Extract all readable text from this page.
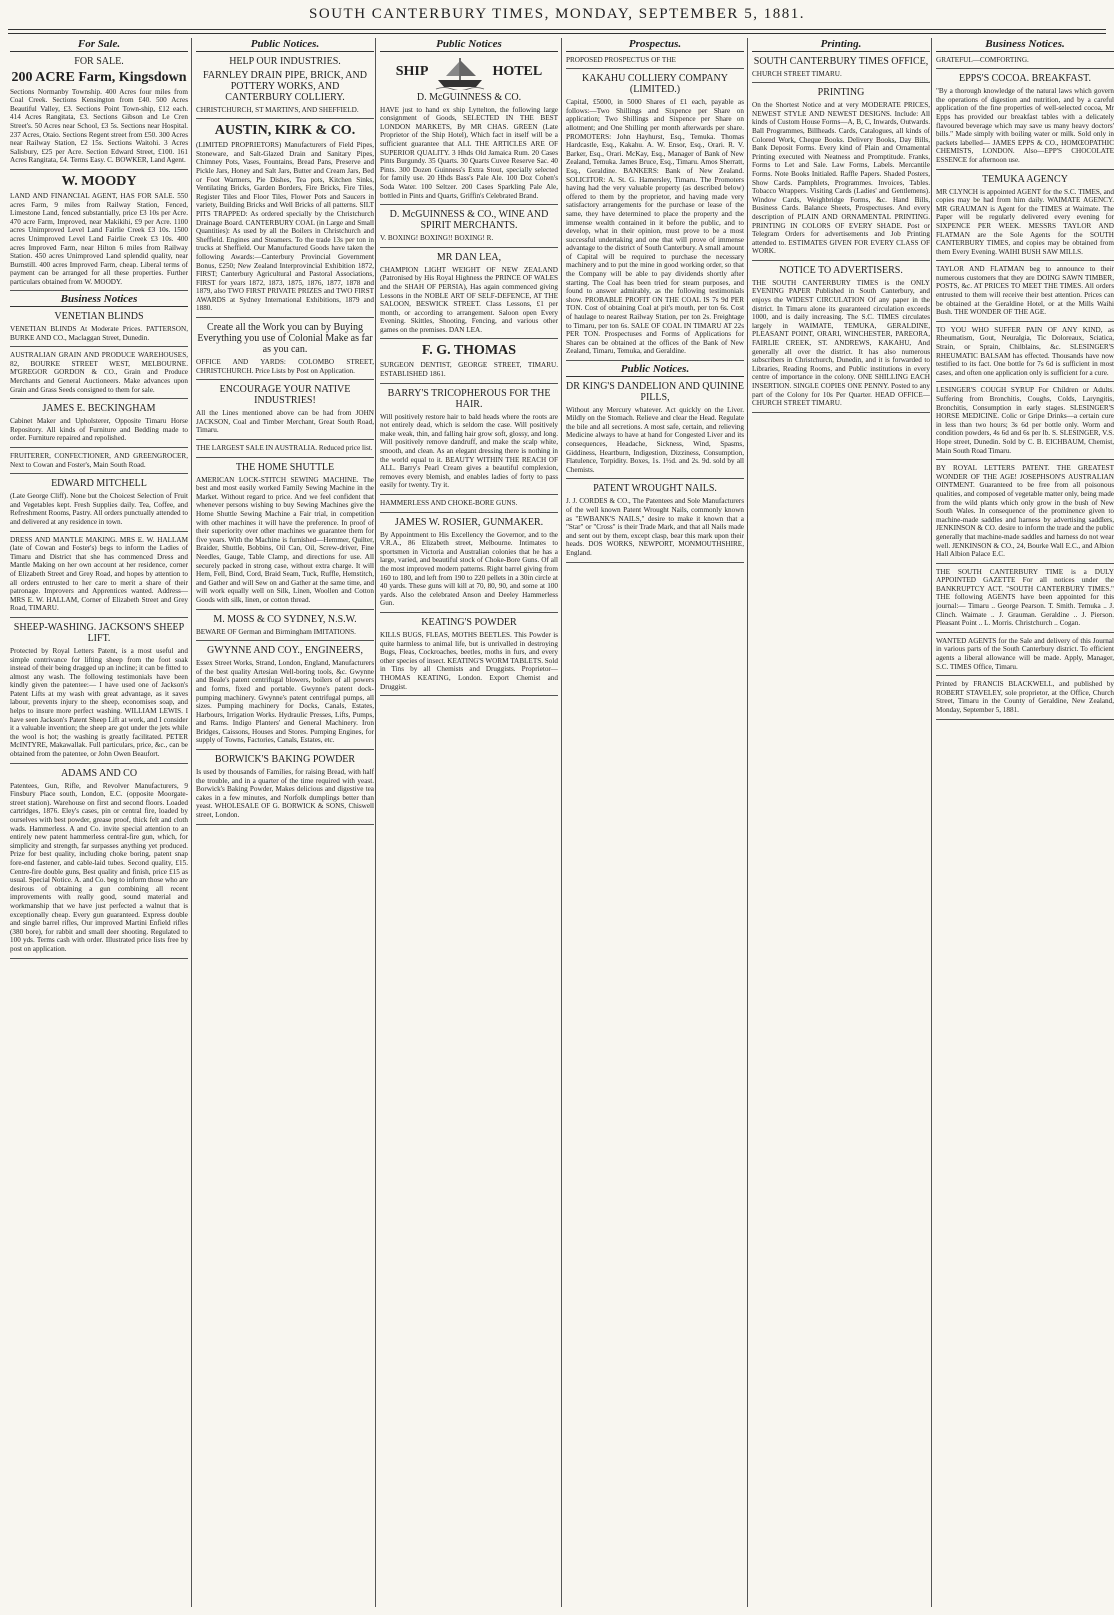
SOUTH CANTERBURY TIMES, MONDAY, SEPTEMBER 5, 1881.
For Sale.

FOR SALE.

200 ACRE Farm, Kingsdown

Sections Normanby Township. 400 Acres four miles from Coal Creek. Sections Kensington from £40. 500 Acres Beautiful Valley, £3. Sections Point Town-ship, £12 each. 414 Acres Rangitata, £3. Sections Gibson and Le Cren Street's. 50 Acres near School, £3 5s. Sections near Hospital. 237 Acres, Otaio. Sections Regent street from £50. 300 Acres near Railway Station, £2 15s. Sections Waitohi. 3 Acres Salisbury, £25 per Acre. Section Edward Street, £100. 161 Acres Rangitata, £4. Terms Easy. C. BOWKER, Land Agent.

W. MOODY

LAND AND FINANCIAL AGENT, HAS FOR SALE. 550 acres Farm, 9 miles from Railway Station, Fenced, Limestone Land, fenced substantially, price £3 10s per Acre. 470 acre Farm, Improved, near Makikihi, £9 per Acre. 1100 acres Unimproved Level Land Fairlie Creek £3 10s. 1500 acres Unimproved Level Land Fairlie Creek £3 10s. 400 acres Improved Farm, near Hilton 6 miles from Railway Station. 450 acres Unimproved Land splendid quality, near Burnstill. 400 acres Improved Farm, cheap. Liberal terms of payment can be arranged for all these properties. Further particulars obtained from W. MOODY.

Business Notices

VENETIAN BLINDS

VENETIAN BLINDS At Moderate Prices. PATTERSON, BURKE AND CO., Maclaggan Street, Dunedin.

AUSTRALIAN GRAIN AND PRODUCE WAREHOUSES, 82, BOURKE STREET WEST, MELBOURNE. M'GREGOR GORDON & CO., Grain and Produce Merchants and General Auctioneers. Make advances upon Grain and Grass Seeds consigned to them for sale.

JAMES E. BECKINGHAM

Cabinet Maker and Upholsterer, Opposite Timaru Horse Repository. All kinds of Furniture and Bedding made to order. Furniture repaired and repolished.

FRUITERER, CONFECTIONER, AND GREENGROCER, Next to Cowan and Foster's, Main South Road.

EDWARD MITCHELL

(Late George Cliff). None but the Choicest Selection of Fruit and Vegetables kept. Fresh Supplies daily. Tea, Coffee, and Refreshment Rooms, Pastry. All orders punctually attended to and delivered at any residence in town.

DRESS AND MANTLE MAKING. MRS E. W. HALLAM (late of Cowan and Foster's) begs to inform the Ladies of Timaru and District that she has commenced Dress and Mantle Making on her own account at her residence, corner of Elizabeth Street and Grey Road, and hopes by attention to all orders entrusted to her care to merit a share of their patronage. Improvers and Apprentices wanted. Address— MRS E. W. HALLAM, Corner of Elizabeth Street and Grey Road, TIMARU.

SHEEP-WASHING. JACKSON'S SHEEP LIFT.

Protected by Royal Letters Patent, is a most useful and simple contrivance for lifting sheep from the foot soak instead of their being dragged up an incline; it can be fitted to almost any wash. The following testimonials have been kindly given the patentee:— I have used one of Jackson's Patent Lifts at my wash with great advantage, as it saves labour, prevents injury to the sheep, economises soap, and helps to insure more perfect washing. WILLIAM LEWIS. I have seen Jackson's Patent Sheep Lift at work, and I consider it a valuable invention; the sheep are got under the jets while the wool is hot; the washing is greatly facilitated. PETER McINTYRE, Makawallak. Full particulars, price, &c., can be obtained from the patentee, or John Owen Beaufort.

ADAMS AND CO

Patentees, Gun, Rifle, and Revolver Manufacturers, 9 Finsbury Place south, London, E.C. (opposite Moorgate-street station). Warehouse on first and second floors. Loaded cartridges, 1876. Eley's cases, pin or central fire, loaded by ourselves with best powder, grease proof, thick felt and cloth wads. Hammerless. A and Co. invite special attention to an entirely new patent hammerless central-fire gun, which, for simplicity and strength, far surpasses anything yet produced. Prize for best quality, including choke boring, patent snap fore-end fastener, and cable-laid tubes. Second quality, £15. Centre-fire double guns, Best quality and finish, price £15 as usual. Special Notice. A. and Co. beg to inform those who are desirous of obtaining a gun combining all recent improvements with really good, sound material and workmanship that we have just perfected a walnut that is exceptionally cheap. Every gun guaranteed. Express double and single barrel rifles, Our improved Martini Enfield rifles (380 bore), for rabbit and small deer shooting. Regulated to 100 yds. Terms cash with order. Illustrated price lists free by post on application.

Public Notices.

HELP OUR INDUSTRIES.

FARNLEY DRAIN PIPE, BRICK, AND POTTERY WORKS, AND CANTERBURY COLLIERY.

CHRISTCHURCH, ST MARTIN'S, AND SHEFFIELD.

AUSTIN, KIRK & CO.

(LIMITED PROPRIETORS) Manufacturers of Field Pipes, Stoneware, and Salt-Glazed Drain and Sanitary Pipes, Chimney Pots, Vases, Fountains, Bread Pans, Preserve and Pickle Jars, Honey and Salt Jars, Butter and Cream Jars, Bed or Foot Warmers, Pie Dishes, Tea pots, Kitchen Sinks, Ventilating Bricks, Garden Borders, Fire Bricks, Fire Tiles, Register Tiles and Floor Tiles, Flower Pots and Saucers in variety, Building Bricks and Well Bricks of all patterns. SILT PITS TRAPPED: As ordered specially by the Christchurch Drainage Board. CANTERBURY COAL (in Large and Small Quantities): As used by all the Boilers in Christchurch and Sheffield. Engines and Steamers. To the trade 13s per ton in trucks at Sheffield. Our Manufactured Goods have taken the following Awards:—Canterbury Provincial Government Bonus, £250; New Zealand Interprovincial Exhibition 1872, FIRST; Canterbury Agricultural and Pastoral Associations, FIRST for years 1872, 1873, 1875, 1876, 1877, 1878 and 1879, also TWO FIRST PRIVATE PRIZES and TWO FIRST AWARDS at Sydney International Exhibitions, 1879 and 1880.

Create all the Work you can by Buying Everything you use of Colonial Make as far as you can.

OFFICE AND YARDS: COLOMBO STREET, CHRISTCHURCH. Price Lists by Post on Application.

ENCOURAGE YOUR NATIVE INDUSTRIES!

All the Lines mentioned above can be had from JOHN JACKSON, Coal and Timber Merchant, Great South Road, Timaru.

THE LARGEST SALE IN AUSTRALIA. Reduced price list.

THE HOME SHUTTLE

AMERICAN LOCK-STITCH SEWING MACHINE. The best and most easily worked Family Sewing Machine in the Market. Without regard to price. And we feel confident that whenever persons wishing to buy Sewing Machines give the Home Shuttle Sewing Machine a Fair trial, in competition with other machines it will have the preference. In proof of their superiority over other machines we guarantee them for five years. With the Machine is furnished—Hemmer, Quilter, Braider, Shuttle, Bobbins, Oil Can, Oil, Screw-driver, Fine Needles, Gauge, Table Clamp, and directions for use. All securely packed in strong case, without extra charge. It will Hem, Fell, Bind, Cord, Braid Seam, Tuck, Ruffle, Hemstitch, and Gather and will Sew on and Gather at the same time, and will work equally well on Silk, Linen, Woollen and Cotton Goods with silk, linen, or cotton thread.

M. MOSS & CO SYDNEY, N.S.W.

BEWARE OF German and Birmingham IMITATIONS.

GWYNNE AND COY., ENGINEERS,

Essex Street Works, Strand, London, England, Manufacturers of the best quality Artesian Well-boring tools, &c. Gwynne and Beale's patent centrifugal blowers, boilers of all powers and forms, fixed and portable. Gwynne's patent dock-pumping machinery. Gwynne's patent centrifugal pumps, all sizes. Pumping machinery for Docks, Canals, Estates, Harbours, Irrigation Works. Hydraulic Presses, Lifts, Pumps, and Rams. Indigo Planters' and General Machinery. Iron Bridges, Caissons, Houses and Stores. Pumping Engines, for supply of Towns, Factories, Canals, Estates, etc.

BORWICK'S BAKING POWDER

Is used by thousands of Families, for raising Bread, with half the trouble, and in a quarter of the time required with yeast. Borwick's Baking Powder, Makes delicious and digestive tea cakes in a few minutes, and Norfolk dumplings better than yeast. WHOLESALE OF G. BORWICK & SONS, Chiswell street, London.

Public Notices
SHIP	HOTEL

D. McGUINNESS & CO.

HAVE just to hand ex ship Lyttelton, the following large consignment of Goods, SELECTED IN THE BEST LONDON MARKETS, By MR CHAS. GREEN (Late Proprietor of the Ship Hotel), Which fact in itself will be a sufficient guarantee that ALL THE ARTICLES ARE OF SUPERIOR QUALITY. 3 Hhds Old Jamaica Rum. 20 Cases Pints Burgundy. 35 Quarts. 30 Quarts Cuvee Reserve Sac. 40 Pints. 300 Dozen Guinness's Extra Stout, specially selected for family use. 20 Hhds Bass's Pale Ale. 100 Doz Cohen's Soda Water. 100 Seltzer. 200 Cases Sparkling Pale Ale, bottled in Pints and Quarts, Griffin's Celebrated Brand.

D. McGUINNESS & CO., WINE AND SPIRIT MERCHANTS.

V. BOXING! BOXING!! BOXING! R.

MR DAN LEA,

CHAMPION LIGHT WEIGHT OF NEW ZEALAND (Patronised by His Royal Highness the PRINCE OF WALES and the SHAH OF PERSIA), Has again commenced giving Lessons in the NOBLE ART OF SELF-DEFENCE, AT THE SALOON, BESWICK STREET. Class Lessons, £1 per month, or according to arrangement. Saloon open Every Evening. Skittles, Shooting, Fencing, and various other games on the premises. DAN LEA.

F. G. THOMAS

SURGEON DENTIST, GEORGE STREET, TIMARU. ESTABLISHED 1861.

BARRY'S TRICOPHEROUS FOR THE HAIR.

Will positively restore hair to bald heads where the roots are not entirely dead, which is seldom the case. Will positively make weak, thin, and falling hair grow soft, glossy, and long. Will positively remove dandruff, and make the scalp white, smooth, and clean. As an elegant dressing there is nothing in the world equal to it. BEAUTY WITHIN THE REACH OF ALL. Barry's Pearl Cream gives a beautiful complexion, removes every blemish, and enables ladies of forty to pass easily for twenty. Try it.

HAMMERLESS AND CHOKE-BORE GUNS.

JAMES W. ROSIER, GUNMAKER.

By Appointment to His Excellency the Governor, and to the V.R.A., 86 Elizabeth street, Melbourne. Intimates to sportsmen in Victoria and Australian colonies that he has a large, varied, and beautiful stock of Choke-Bore Guns. Of all the most improved modern patterns. Right barrel giving from 160 to 180, and left from 190 to 220 pellets in a 30in circle at 40 yards. These guns will kill at 70, 80, 90, and some at 100 yards. Also the celebrated Anson and Deeley Hammerless Gun.

KEATING'S POWDER

KILLS BUGS, FLEAS, MOTHS BEETLES. This Powder is quite harmless to animal life, but is unrivalled in destroying Bugs, Fleas, Cockroaches, beetles, moths in furs, and every other species of insect. KEATING'S WORM TABLETS. Sold in Tins by all Chemists and Druggists. Proprietor— THOMAS KEATING, London. Export Chemist and Druggist.

Prospectus.

PROPOSED PROSPECTUS OF THE

KAKAHU COLLIERY COMPANY (LIMITED.)

Capital, £5000, in 5000 Shares of £1 each, payable as follows:—Two Shillings and Sixpence per Share on application; Two Shillings and Sixpence per Share on allotment; and One Shilling per month afterwards per share. PROMOTERS: John Hayhurst, Esq., Temuka. Thomas Hardcastle, Esq., Kakahu. A. W. Ensor, Esq., Orari. R. V. Barker, Esq., Orari. McKay, Esq., Manager of Bank of New Zealand, Temuka. James Bruce, Esq., Timaru. Amos Sherratt, Esq., Geraldine. BANKERS: Bank of New Zealand. SOLICITOR: A. St. G. Hamersley, Timaru. The Promoters having had the very valuable property (as described below) offered to them by the proprietor, and having made very satisfactory arrangements for the purchase or lease of the same, they have determined to place the property and the immense wealth contained in it before the public, and to develop, what in their opinion, must prove to be a most successful undertaking and one that will prove of immense advantage to the district of South Canterbury. A small amount of Capital will be required to purchase the necessary machinery and to put the mine in good working order, so that the Company will be able to pay dividends shortly after starting. The Coal has been tried for steam purposes, and found to answer admirably, as the following testimonials show. PROBABLE PROFIT ON THE COAL IS 7s 9d PER TON. Cost of obtaining Coal at pit's mouth, per ton 6s. Cost of haulage to nearest Railway Station, per ton 2s. Freightage to Timaru, per ton 6s. SALE OF COAL IN TIMARU AT 22s PER TON. Prospectuses and Forms of Applications for Shares can be obtained at the offices of the Bank of New Zealand, Timaru, Temuka, and Geraldine.

Public Notices.

DR KING'S DANDELION AND QUININE PILLS,

Without any Mercury whatever. Act quickly on the Liver. Mildly on the Stomach. Relieve and clear the Head. Regulate the bile and all secretions. A most safe, certain, and relieving Medicine always to have at hand for Congested Liver and its consequences, Headache, Sickness, Wind, Spasms, Giddiness, Heartburn, Indigestion, Dizziness, Consumption, Flatulence, Torpidity. Boxes, 1s. 1½d. and 2s. 9d. sold by all Chemists.

PATENT WROUGHT NAILS.

J. J. CORDES & CO., The Patentees and Sole Manufacturers of the well known Patent Wrought Nails, commonly known as "EWBANK'S NAILS," desire to make it known that a "Star" or "Cross" is their Trade Mark, and that all Nails made and sent out by them, except clasp, bear this mark upon their heads. DOS WORKS, NEWPORT, MONMOUTHSHIRE, England.

Printing.

SOUTH CANTERBURY TIMES OFFICE,

CHURCH STREET TIMARU.

PRINTING

On the Shortest Notice and at very MODERATE PRICES, NEWEST STYLE AND NEWEST DESIGNS. Include: All kinds of Custom House Forms—A, B, C, Inwards, Outwards. Ball Programmes, Billheads. Cards, Catalogues, all kinds of Colored Work, Cheque Books. Delivery Books, Day Bills, Bank Deposit Forms. Every kind of Plain and Ornamental Printing executed with Neatness and Promptitude. Franks, Forms to Let and Sale. Law Forms, Labels. Mercantile Forms. Note Books Initialed. Raffle Papers. Shaded Posters, Show Cards. Pamphlets, Programmes. Invoices, Tables. Tobacco Wrappers. Visiting Cards (Ladies' and Gentlemens). Window Cards, Weighbridge Forms, &c. Hand Bills, Business Cards. Balance Sheets, Prospectuses. And every description of PLAIN AND ORNAMENTAL PRINTING. PRINTING IN COLORS OF EVERY SHADE. Post or Telegram Orders for advertisements and Job Printing attended to. ESTIMATES GIVEN FOR EVERY CLASS OF WORK.

NOTICE TO ADVERTISERS.

THE SOUTH CANTERBURY TIMES is the ONLY EVENING PAPER Published in South Canterbury, and enjoys the WIDEST CIRCULATION Of any paper in the district. In Timaru alone its guaranteed circulation exceeds 1000, and is daily increasing. The S.C. TIMES circulates largely in WAIMATE, TEMUKA, GERALDINE, PLEASANT POINT, ORARI, WINCHESTER, PAREORA, FAIRLIE CREEK, ST. ANDREWS, KAKAHU, And generally all over the district. It has also numerous subscribers in Christchurch, Dunedin, and it is forwarded to Libraries, Reading Rooms, and Public institutions in every centre of importance in the colony. ONE SHILLING EACH INSERTION. SINGLE COPIES ONE PENNY. Posted to any part of the Colony for 10s Per Quarter. HEAD OFFICE— CHURCH STREET TIMARU.

Business Notices.

GRATEFUL—COMFORTING.

EPPS'S COCOA. BREAKFAST.

"By a thorough knowledge of the natural laws which govern the operations of digestion and nutrition, and by a careful application of the fine properties of well-selected cocoa, Mr Epps has provided our breakfast tables with a delicately flavoured beverage which may save us many heavy doctors' bills." Made simply with boiling water or milk. Sold only in packets labelled— JAMES EPPS & CO., HOMŒOPATHIC CHEMISTS, LONDON. Also—EPP'S CHOCOLATE ESSENCE for afternoon use.

TEMUKA AGENCY

MR CLYNCH is appointed AGENT for the S.C. TIMES, and copies may be had from him daily. WAIMATE AGENCY. MR GRAUMAN is Agent for the TIMES at Waimate. The Paper will be regularly delivered every evening for SIXPENCE PER WEEK. MESSRS TAYLOR AND FLATMAN are the Sole Agents for the SOUTH CANTERBURY TIMES, and copies may be obtained from them Every Evening. WAIHI BUSH SAW MILLS.

TAYLOR AND FLATMAN beg to announce to their numerous customers that they are DOING SAWN TIMBER, POSTS, &c. AT PRICES TO MEET THE TIMES. All orders entrusted to them will receive their best attention. Prices can be obtained at the Geraldine Hotel, or at the Mills Waihi Bush. THE WONDER OF THE AGE.

TO YOU WHO SUFFER PAIN OF ANY KIND, as Rheumatism, Gout, Neuralgia, Tic Doloreaux, Sciatica, Strain, or Sprain, Chilblains, &c. SLESINGER'S RHEUMATIC BALSAM has effected. Thousands have now testified to its fact. One bottle for 7s 6d is sufficient in most cases, and often one application only is sufficient for a cure.

LESINGER'S COUGH SYRUP For Children or Adults. Suffering from Bronchitis, Coughs, Colds, Laryngitis, Bronchitis, Consumption in early stages. SLESINGER'S HORSE MEDICINE. Colic or Gripe Drinks—a certain cure in less than two hours; 3s 6d per bottle only. Worm and condition powders, 4s 6d and 6s per lb. S. SLESINGER, V.S. Hope street, Dunedin. Sold by C. B. EICHBAUM, Chemist, Main South Road Timaru.

BY ROYAL LETTERS PATENT. THE GREATEST WONDER OF THE AGE! JOSEPHSON'S AUSTRALIAN OINTMENT. Guaranteed to be free from all poisonous qualities, and composed of vegetable matter only, being made from the wild plants which only grow in the bush of New South Wales. In consequence of the prominence given to machine-made saddles and harness by advertising saddlers, JENKINSON & CO. desire to inform the trade and the public generally that machine-made saddles and harness do not wear well. JENKINSON & CO., 24, Bourke Wall E.C., and Albion Hall Albion Palace E.C.

THE SOUTH CANTERBURY TIME is a DULY APPOINTED GAZETTE For all notices under the BANKRUPTCY ACT. "SOUTH CANTERBURY TIMES." THE following AGENTS have been appointed for this journal:— Timaru .. George Pearson. T. Smith. Temuka .. J. Clinch. Waimate .. J. Grauman. Geraldine .. J. Pierson. Pleasant Point .. L. Morris. Christchurch .. Cogan.

WANTED AGENTS for the Sale and delivery of this Journal in various parts of the South Canterbury district. To efficient agents a liberal allowance will be made. Apply, Manager, S.C. TIMES Office, Timaru.

Printed by FRANCIS BLACKWELL, and published by ROBERT STAVELEY, sole proprietor, at the Office, Church Street, Timaru in the County of Geraldine, New Zealand, Monday, September 5, 1881.
